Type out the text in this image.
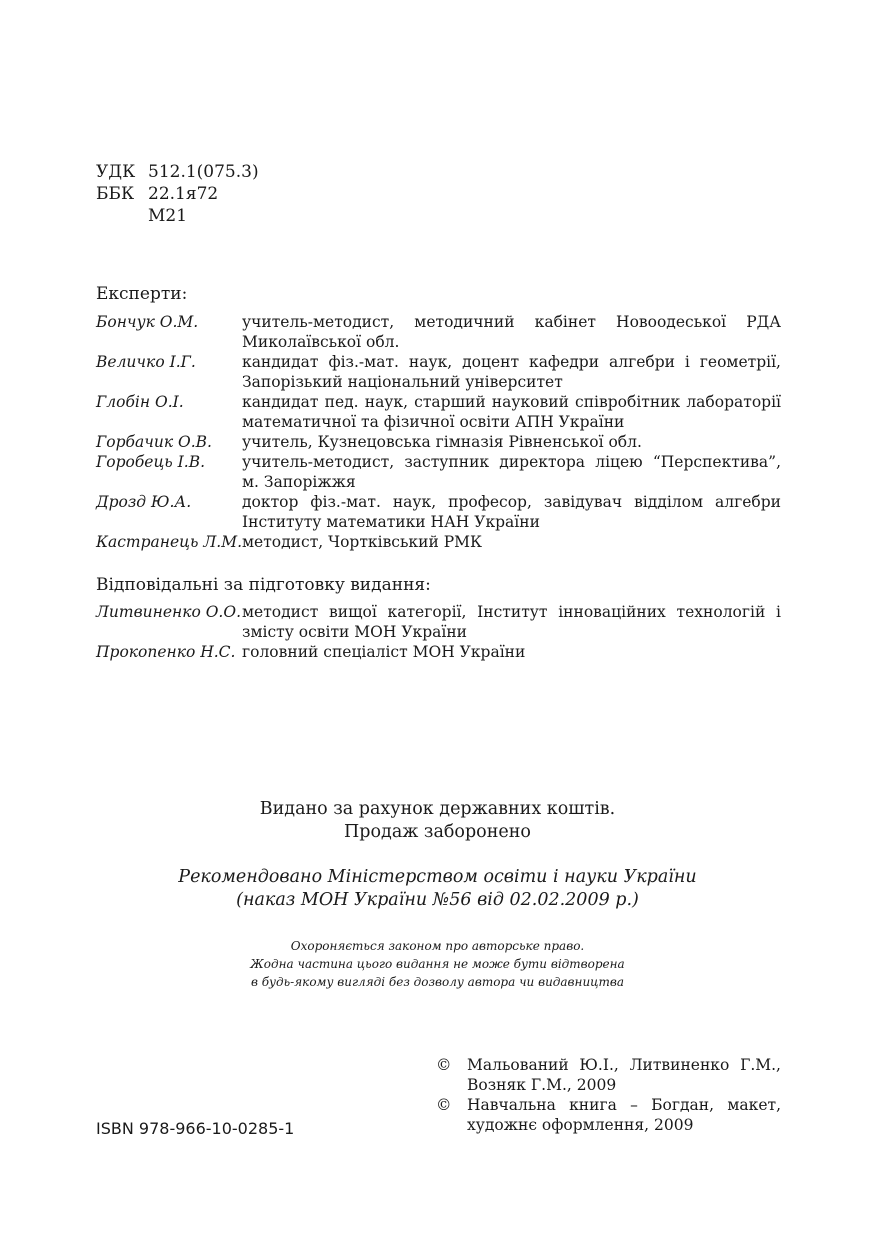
УДК 512.1(075.3)
ББК 22.1я72
М21
Експерти:
Бончук О.М.	учитель-методист, методичний кабінет Новоодеської РДА Миколаївської обл.
Величко І.Г.	кандидат фіз.-мат. наук, доцент кафедри алгебри і геометрії, Запорізький національний університет
Глобін О.І.	кандидат пед. наук, старший науковий співробітник лабораторії математичної та фізичної освіти АПН України
Горбачик О.В.	учитель, Кузнецовська гімназія Рівненської обл.
Горобець І.В.	учитель-методист, заступник директора ліцею “Перспектива”, м. Запоріжжя
Дрозд Ю.А.	доктор фіз.-мат. наук, професор, завідувач відділом алгебри Інституту математики НАН України
Кастранець Л.М. методист, Чортківський РМК
Відповідальні за підготовку видання:
Литвиненко О.О. методист вищої категорії, Інститут інноваційних технологій і змісту освіти МОН України
Прокопенко Н.С. головний спеціаліст МОН України
Видано за рахунок державних коштів.
Продаж заборонено
Рекомендовано Міністерством освіти і науки України
(наказ МОН України №56 від 02.02.2009 р.)
Охороняється законом про авторське право.
Жодна частина цього видання не може бути відтворена
в будь-якому вигляді без дозволу автора чи видавництва
ISBN 978-966-10-0285-1
©	Мальований Ю.І., Литвиненко Г.М., Возняк Г.М., 2009
©	Навчальна книга – Богдан, макет, художнє оформлення, 2009
